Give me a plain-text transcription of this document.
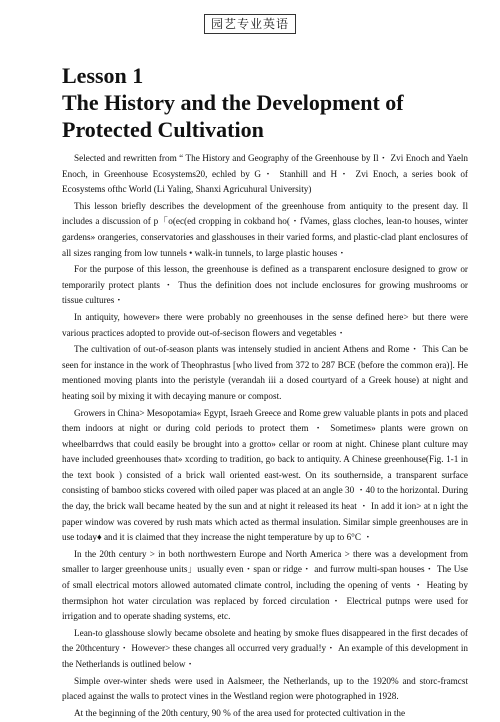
园艺专业英语
Lesson 1
The History and the Development of
Protected Cultivation

Selected and rewritten from “ The History and Geography of the Greenhouse by Il・ Zvi Enoch and Yaeln Enoch, in Greenhouse Ecosystems20, echled by G・ Stanhill and H・ Zvi Enoch, a series book of Ecosystems ofthc World (Li Yaling, Shanxi Agricuhural University)

This lesson briefly describes the development of the greenhouse from antiquity to the present day. Il includes a discussion of p「o(ec(ed cropping in cokband ho(・fVames, glass cloches, lean-to houses, winter gardens» orangeries, conservatories and glasshouses in their varied forms, and plastic-clad plant enclosures of all sizes ranging from low tunnels • walk-in tunnels, to large plastic houses・

For the purpose of this lesson, the greenhouse is defined as a transparent enclosure designed to grow or temporarily protect plants ・ Thus the definition does not include enclosures for growing mushrooms or tissue cultures・

In antiquity, however» there were probably no greenhouses in the sense defined here> but there were various practices adopted to provide out-of-secison flowers and vegetables・

The cultivation of out-of-season plants was intensely studied in ancient Athens and Rome・ This Can be seen for instance in the work of Theophrastus [who lived from 372 to 287 BCE (before the common era)]. He mentioned moving plants into the peristyle (verandah iii a dosed courtyard of a Greek house) at night and heating soil by mixing it with decaying manure or compost.

Growers in China> Mesopotamia« Egypt, Israeh Greece and Rome grew valuable plants in pots and placed them indoors at night or during cold periods to protect them ・ Sometimes» plants were grown on wheelbarrdws that could easily be brought into a grotto» cellar or room at night. Chinese plant culture may have included greenhouses that» xcording to tradition, go back to antiquity. A Chinese greenhouse(Fig. 1-1 in the text book ) consisted of a brick wall oriented east-west. On its southernside, a transparent surface consisting of bamboo sticks covered with oiled paper was placed at an angle 30 ・40 to the horizontal. During the day, the brick wall became heated by the sun and at night it released its heat ・ In add it ion> at n ight the paper window was covered by rush mats which acted as thermal insulation. Similar simple greenhouses are in use today♦ and it is claimed that they increase the night temperature by up to 6°C ・

In the 20th century > in both northwestern Europe and North America > there was a development from smaller to larger greenhouse units」usually even・span or ridge・ and furrow multi-span houses・ The Use of small electrical motors allowed automated climate control, including the opening of vents ・ Heating by thermsiphon hot water circulation was replaced by forced circulation・ Electrical putnps were used for irrigation and to operate shading systems, etc.

Lean-to glasshouse slowly became obsolete and heating by smoke flues disappeared in the first decades of the 20thcentury・ However> these changes all occurred very gradual!y・ An example of this development in the Netherlands is outlined below・

Simple over-winter sheds were used in Aalsmeer, the Netherlands, up to the 1920% and storc-framcst placed against the walls to protect vines in the Westland region were photographed in 1928.

At the beginning of the 20th century, 90 % of the area used for protected cultivation in the
